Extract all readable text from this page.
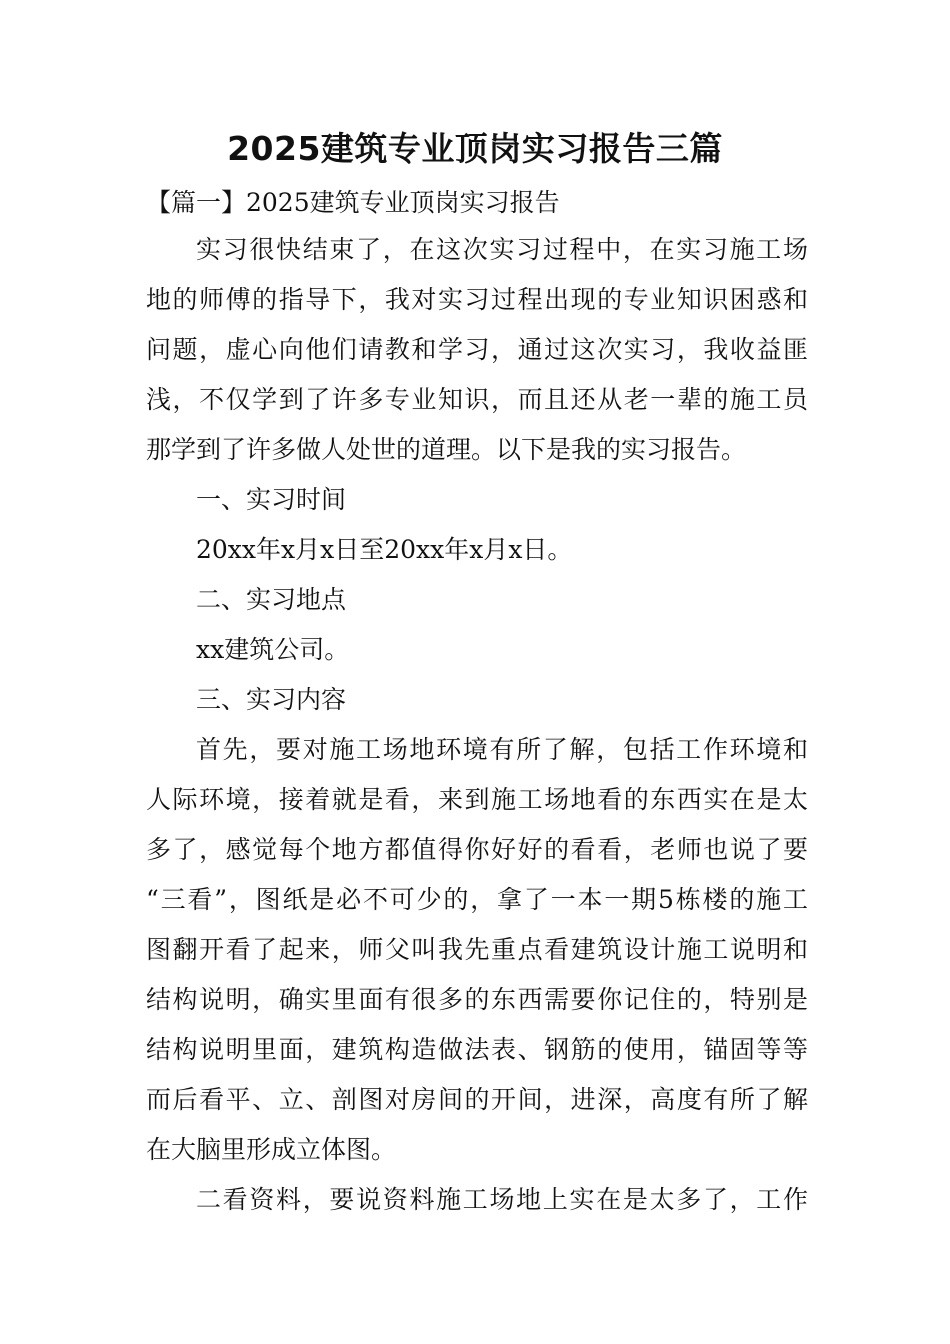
2025建筑专业顶岗实习报告三篇

【篇一】2025建筑专业顶岗实习报告

实习很快结束了，在这次实习过程中，在实习施工场

地的师傅的指导下，我对实习过程出现的专业知识困惑和

问题，虚心向他们请教和学习，通过这次实习，我收益匪

浅，不仅学到了许多专业知识，而且还从老一辈的施工员

那学到了许多做人处世的道理。以下是我的实习报告。

一、实习时间

20xx年x月x日至20xx年x月x日。

二、实习地点

xx建筑公司。

三、实习内容

首先，要对施工场地环境有所了解，包括工作环境和

人际环境，接着就是看，来到施工场地看的东西实在是太

多了，感觉每个地方都值得你好好的看看，老师也说了要

“三看”，图纸是必不可少的，拿了一本一期5栋楼的施工

图翻开看了起来，师父叫我先重点看建筑设计施工说明和

结构说明，确实里面有很多的东西需要你记住的，特别是

结构说明里面，建筑构造做法表、钢筋的使用，锚固等等

而后看平、立、剖图对房间的开间，进深，高度有所了解

在大脑里形成立体图。

二看资料，要说资料施工场地上实在是太多了，工作
